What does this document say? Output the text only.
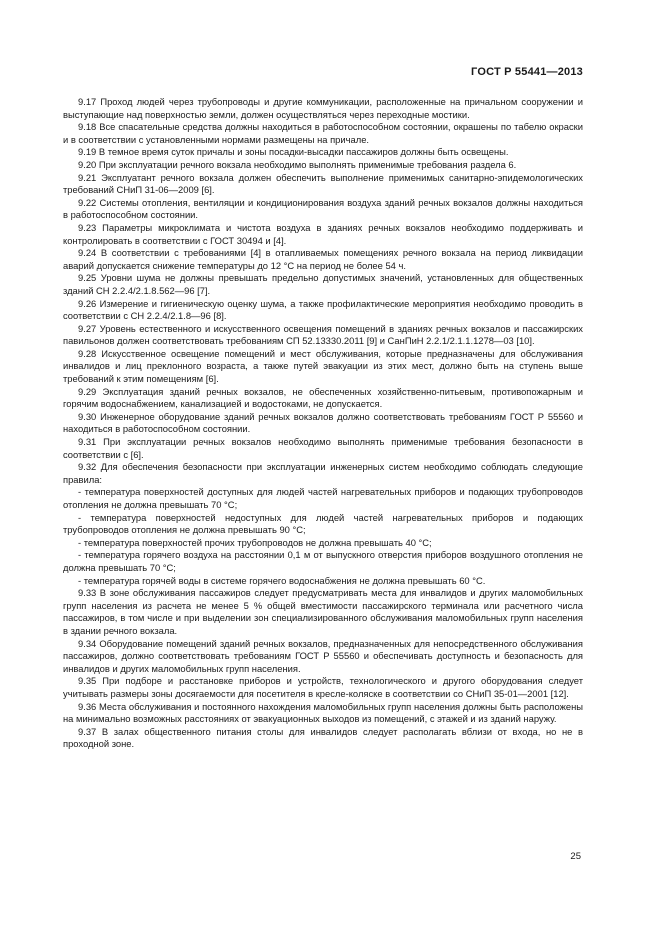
ГОСТ Р 55441—2013

9.17 Проход людей через трубопроводы и другие коммуникации, расположенные на причальном сооружении и выступающие над поверхностью земли, должен осуществляться через переходные мостики.

9.18 Все спасательные средства должны находиться в работоспособном состоянии, окрашены по табелю окраски и в соответствии с установленными нормами размещены на причале.

9.19 В темное время суток причалы и зоны посадки-высадки пассажиров должны быть освещены.

9.20 При эксплуатации речного вокзала необходимо выполнять применимые требования раздела 6.

9.21 Эксплуатант речного вокзала должен обеспечить выполнение применимых санитарно-эпидемологических требований СНиП 31-06—2009 [6].

9.22 Системы отопления, вентиляции и кондиционирования воздуха зданий речных вокзалов должны находиться в работоспособном состоянии.

9.23 Параметры микроклимата и чистота воздуха в зданиях речных вокзалов необходимо поддерживать и контролировать в соответствии с ГОСТ 30494 и [4].

9.24 В соответствии с требованиями [4] в отапливаемых помещениях речного вокзала на период ликвидации аварий допускается снижение температуры до 12 °С на период не более 54 ч.

9.25 Уровни шума не должны превышать предельно допустимых значений, установленных для общественных зданий СН 2.2.4/2.1.8.562—96 [7].

9.26 Измерение и гигиеническую оценку шума, а также профилактические мероприятия необходимо проводить в соответствии с СН 2.2.4/2.1.8—96 [8].

9.27 Уровень естественного и искусственного освещения помещений в зданиях речных вокзалов и пассажирских павильонов должен соответствовать требованиям СП 52.13330.2011 [9] и СанПиН 2.2.1/2.1.1.1278—03 [10].

9.28 Искусственное освещение помещений и мест обслуживания, которые предназначены для обслуживания инвалидов и лиц преклонного возраста, а также путей эвакуации из этих мест, должно быть на ступень выше требований к этим помещениям [6].

9.29 Эксплуатация зданий речных вокзалов, не обеспеченных хозяйственно-питьевым, противопожарным и горячим водоснабжением, канализацией и водостоками, не допускается.

9.30 Инженерное оборудование зданий речных вокзалов должно соответствовать требованиям ГОСТ Р 55560 и находиться в работоспособном состоянии.

9.31 При эксплуатации речных вокзалов необходимо выполнять применимые требования безопасности в соответствии с [6].

9.32 Для обеспечения безопасности при эксплуатации инженерных систем необходимо соблюдать следующие правила:

- температура поверхностей доступных для людей частей нагревательных приборов и подающих трубопроводов отопления не должна превышать 70 °С;

- температура поверхностей недоступных для людей частей нагревательных приборов и подающих трубопроводов отопления не должна превышать 90 °С;

- температура поверхностей прочих трубопроводов не должна превышать 40 °С;

- температура горячего воздуха на расстоянии 0,1 м от выпускного отверстия приборов воздушного отопления не должна превышать 70 °С;

- температура горячей воды в системе горячего водоснабжения не должна превышать 60 °С.

9.33 В зоне обслуживания пассажиров следует предусматривать места для инвалидов и других маломобильных групп населения из расчета не менее 5 % общей вместимости пассажирского терминала или расчетного числа пассажиров, в том числе и при выделении зон специализированного обслуживания маломобильных групп населения в здании речного вокзала.

9.34 Оборудование помещений зданий речных вокзалов, предназначенных для непосредственного обслуживания пассажиров, должно соответствовать требованиям ГОСТ Р 55560 и обеспечивать доступность и безопасность для инвалидов и других маломобильных групп населения.

9.35 При подборе и расстановке приборов и устройств, технологического и другого оборудования следует учитывать размеры зоны досягаемости для посетителя в кресле-коляске в соответствии со СНиП 35-01—2001 [12].

9.36 Места обслуживания и постоянного нахождения маломобильных групп населения должны быть расположены на минимально возможных расстояниях от эвакуационных выходов из помещений, с этажей и из зданий наружу.

9.37 В залах общественного питания столы для инвалидов следует располагать вблизи от входа, но не в проходной зоне.

25
